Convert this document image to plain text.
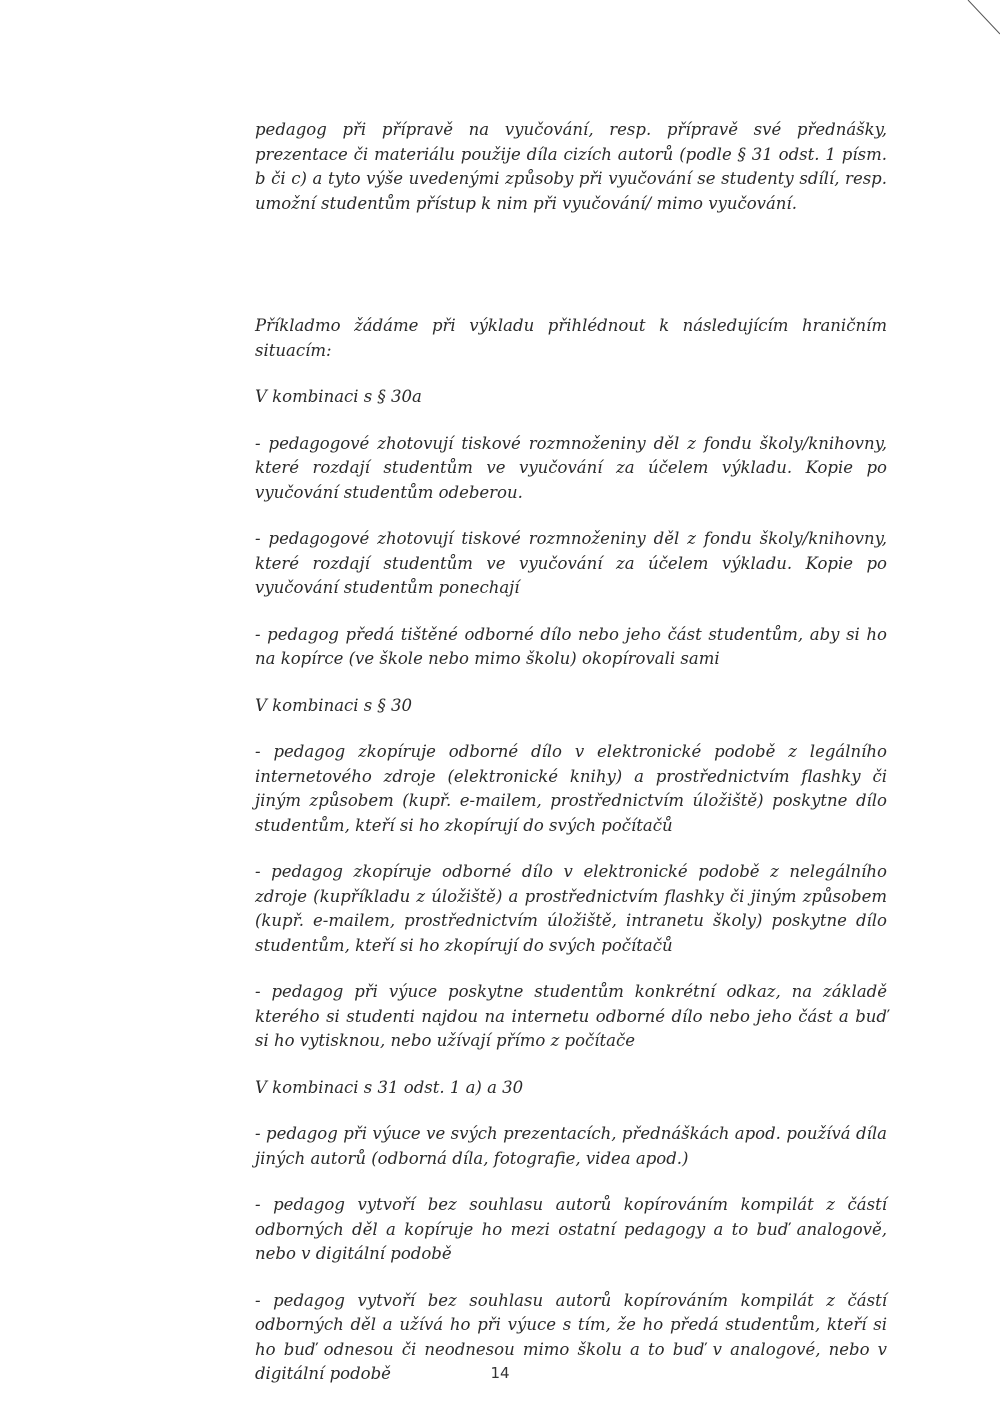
pedagog při přípravě na vyučování, resp. přípravě své přednášky, prezentace či materiálu použije díla cizích autorů (podle § 31 odst. 1 písm. b či c) a tyto výše uvedenými způsoby při vyučování se studenty sdílí, resp. umožní studentům přístup k nim při vyučování/ mimo vyučování.

Příkladmo žádáme při výkladu přihlédnout k následujícím hraničním situacím:

V kombinaci s § 30a

- pedagogové zhotovují tiskové rozmnoženiny děl z fondu školy/knihovny, které rozdají studentům ve vyučování za účelem výkladu. Kopie po vyučování studentům odeberou.

- pedagogové zhotovují tiskové rozmnoženiny děl z fondu školy/knihovny, které rozdají studentům ve vyučování za účelem výkladu. Kopie po vyučování studentům ponechají

- pedagog předá tištěné odborné dílo nebo jeho část studentům, aby si ho na kopírce (ve škole nebo mimo školu) okopírovali sami

V kombinaci s § 30

- pedagog zkopíruje odborné dílo v elektronické podobě z legálního internetového zdroje (elektronické knihy) a prostřednictvím flashky či jiným způsobem (kupř. e-mailem, prostřednictvím úložiště) poskytne dílo studentům, kteří si ho zkopírují do svých počítačů

- pedagog zkopíruje odborné dílo v elektronické podobě z nelegálního zdroje (kupříkladu z úložiště) a prostřednictvím flashky či jiným způsobem (kupř. e-mailem, prostřednictvím úložiště, intranetu školy) poskytne dílo studentům, kteří si ho zkopírují do svých počítačů

- pedagog při výuce poskytne studentům konkrétní odkaz, na základě kterého si studenti najdou na internetu odborné dílo nebo jeho část a buď si ho vytisknou, nebo užívají přímo z počítače

V kombinaci s 31 odst. 1 a) a 30

- pedagog při výuce ve svých prezentacích, přednáškách apod. používá díla jiných autorů (odborná díla, fotografie, videa apod.)

- pedagog vytvoří bez souhlasu autorů kopírováním kompilát z částí odborných děl a kopíruje ho mezi ostatní pedagogy a to buď analogově, nebo v digitální podobě

- pedagog vytvoří bez souhlasu autorů kopírováním kompilát z částí odborných děl a užívá ho při výuce s tím, že ho předá studentům, kteří si ho buď odnesou či neodnesou mimo školu a to buď v analogové, nebo v digitální podobě	14
